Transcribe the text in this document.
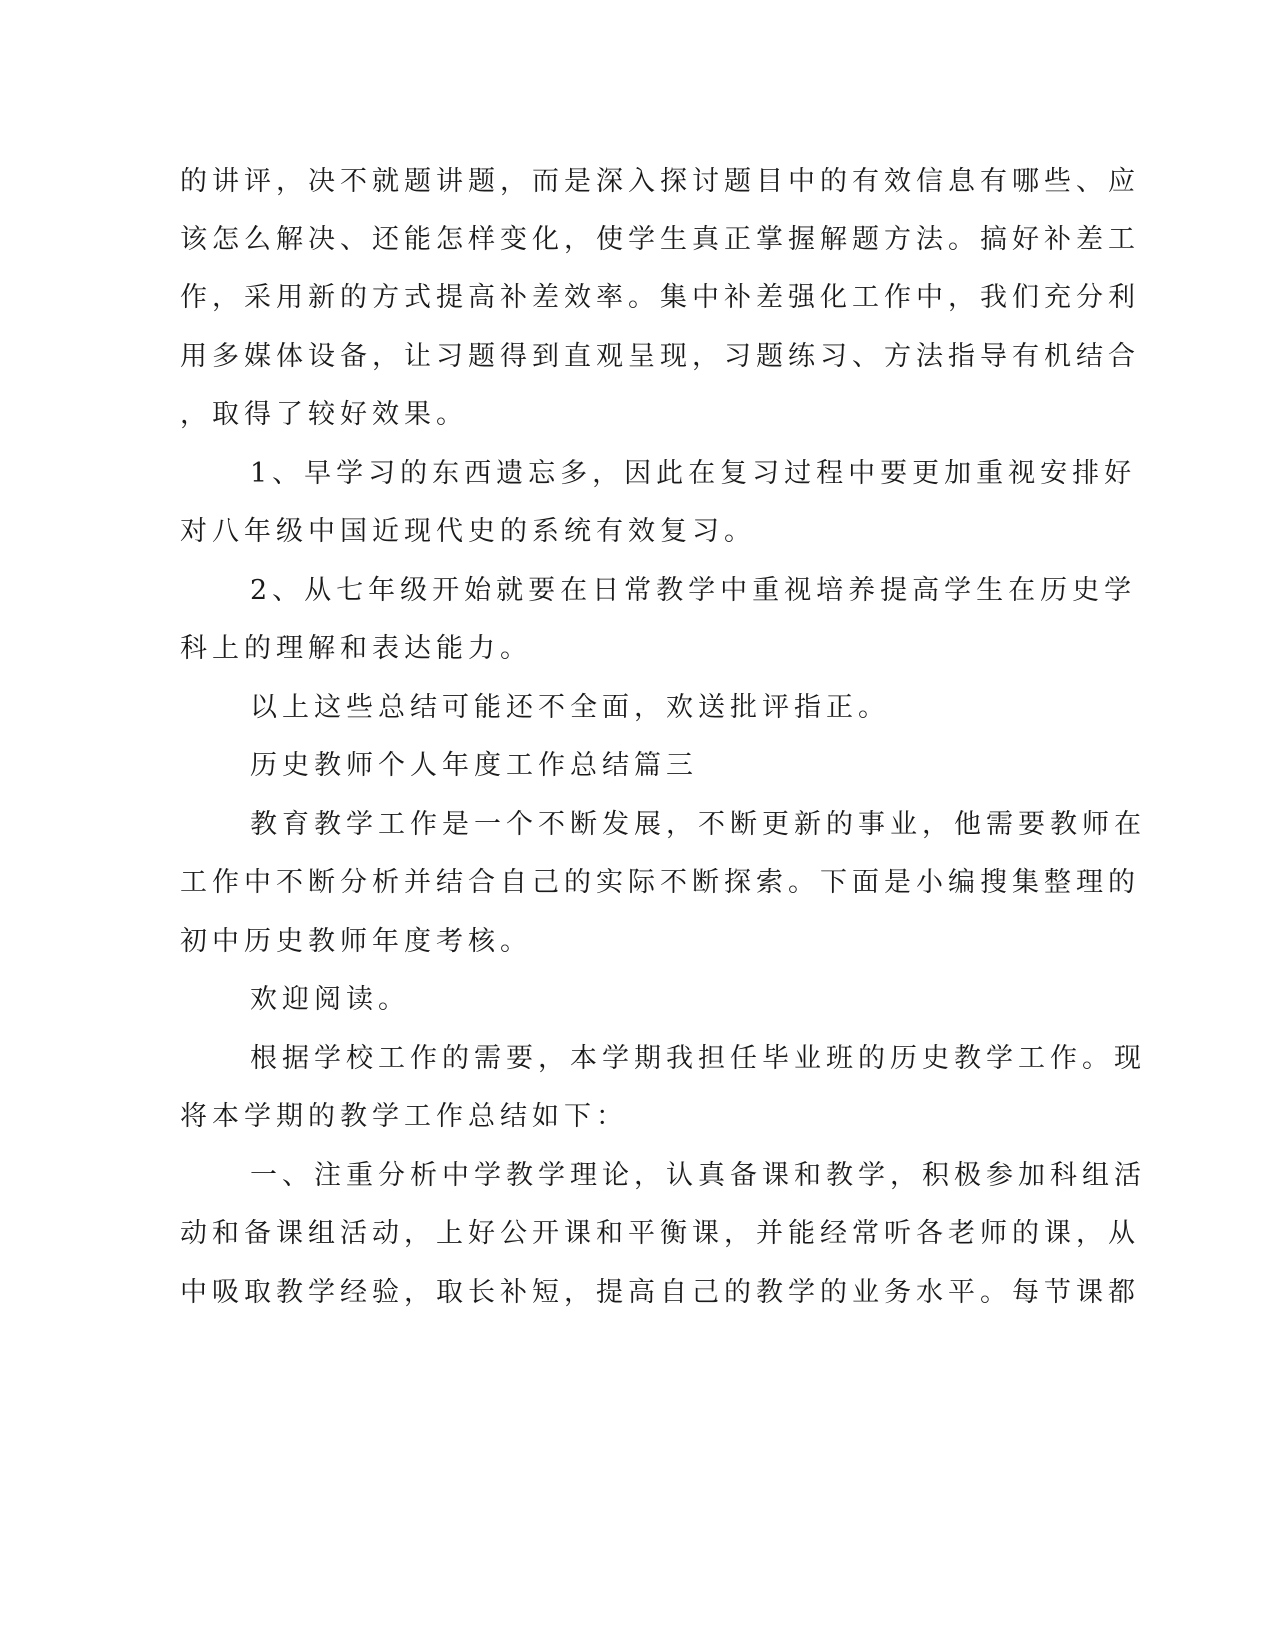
的讲评，决不就题讲题，而是深入探讨题目中的有效信息有哪些、应

该怎么解决、还能怎样变化，使学生真正掌握解题方法。搞好补差工

作，采用新的方式提高补差效率。集中补差强化工作中，我们充分利

用多媒体设备，让习题得到直观呈现，习题练习、方法指导有机结合

，取得了较好效果。

1、早学习的东西遗忘多，因此在复习过程中要更加重视安排好

对八年级中国近现代史的系统有效复习。

2、从七年级开始就要在日常教学中重视培养提高学生在历史学

科上的理解和表达能力。

以上这些总结可能还不全面，欢送批评指正。

历史教师个人年度工作总结篇三

教育教学工作是一个不断发展，不断更新的事业，他需要教师在

工作中不断分析并结合自己的实际不断探索。下面是小编搜集整理的

初中历史教师年度考核。

欢迎阅读。

根据学校工作的需要，本学期我担任毕业班的历史教学工作。现

将本学期的教学工作总结如下：

一、注重分析中学教学理论，认真备课和教学，积极参加科组活

动和备课组活动，上好公开课和平衡课，并能经常听各老师的课，从

中吸取教学经验，取长补短，提高自己的教学的业务水平。每节课都
